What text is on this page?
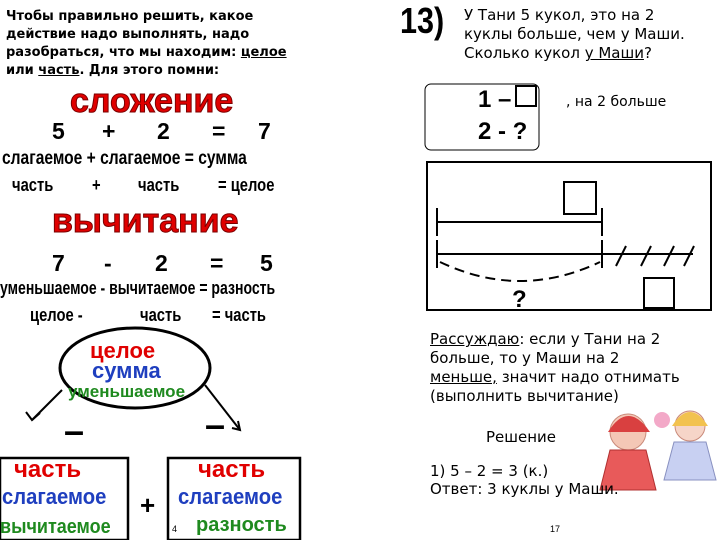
Чтобы правильно решить, какое
действие надо выполнять, надо
разобраться, что мы находим: целое
или часть. Для этого помни:
сложение
5 + 2 = 7
слагаемое + слагаемое = сумма
часть + часть = целое
вычитание
7 - 2 = 5
уменьшаемое - вычитаемое = разность
целое -	часть = часть
целое
сумма
уменьшаемое
–	–
+
часть
слагаемое
вычитаемое
часть
слагаемое
разность
4
13) У Тани 5 кукол, это на 2
куклы больше, чем у Маши.
Сколько кукол у Маши?
1 –	, на 2 больше
2 - ?
?
Рассуждаю: если у Тани на 2
больше, то у Маши на 2
меньше, значит надо отнимать
(выполнить вычитание)
Решение
1) 5 – 2 = 3 (к.)
Ответ: 3 куклы у Маши.
17
